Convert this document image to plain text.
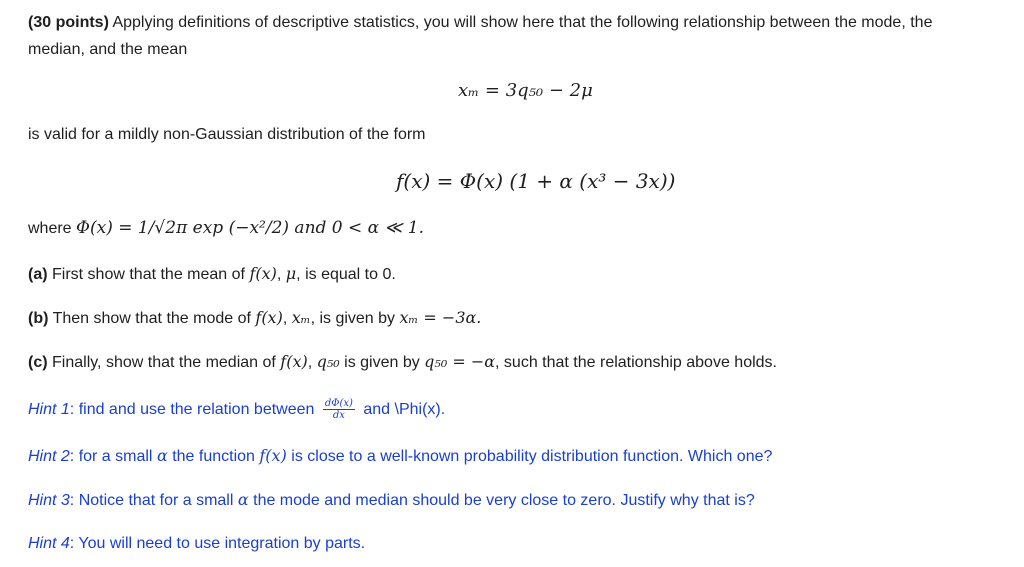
(30 points) Applying definitions of descriptive statistics, you will show here that the following relationship between the mode, the
median, and the mean
xₘ = 3q₅₀ − 2μ
is valid for a mildly non-Gaussian distribution of the form
f(x) = Φ(x) (1 + α (x³ − 3x))
where Φ(x) = 1/√2π exp (−x²/2) and 0 < α ≪ 1.
(a) First show that the mean of f(x), μ, is equal to 0.
(b) Then show that the mode of f(x), xₘ, is given by xₘ = −3α.
(c) Finally, show that the median of f(x), q₅₀ is given by q₅₀ = −α, such that the relationship above holds.
Hint 1: find and use the relation between $\frac{d\Phi(x)}{dx}$ and \Phi(x).
Hint 2: for a small α the function f(x) is close to a well-known probability distribution function. Which one?
Hint 3: Notice that for a small α the mode and median should be very close to zero. Justify why that is?
Hint 4: You will need to use integration by parts.
